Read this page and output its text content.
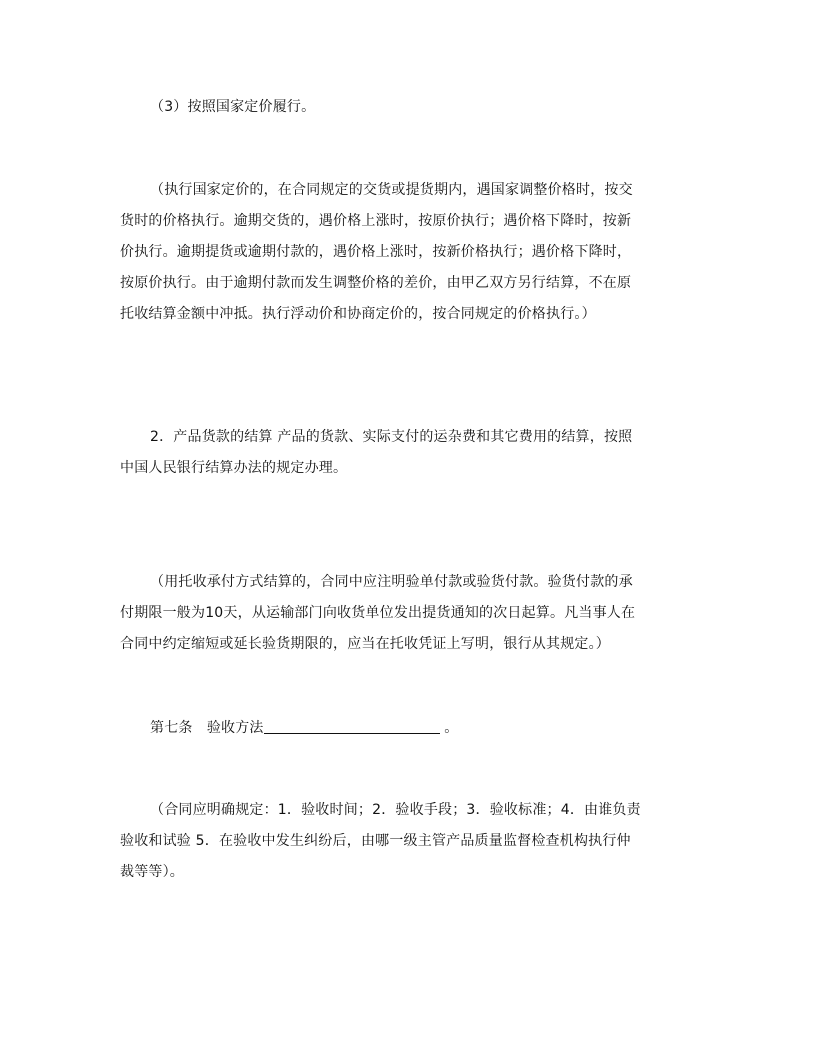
（3）按照国家定价履行。
（执行国家定价的，在合同规定的交货或提货期内，遇国家调整价格时，按交
货时的价格执行。逾期交货的，遇价格上涨时，按原价执行；遇价格下降时，按新
价执行。逾期提货或逾期付款的，遇价格上涨时，按新价格执行；遇价格下降时，
按原价执行。由于逾期付款而发生调整价格的差价，由甲乙双方另行结算，不在原
托收结算金额中冲抵。执行浮动价和协商定价的，按合同规定的价格执行。）
2．产品货款的结算 产品的货款、实际支付的运杂费和其它费用的结算，按照
中国人民银行结算办法的规定办理。
（用托收承付方式结算的，合同中应注明验单付款或验货付款。验货付款的承
付期限一般为10天，从运输部门向收货单位发出提货通知的次日起算。凡当事人在
合同中约定缩短或延长验货期限的，应当在托收凭证上写明，银行从其规定。）
第七条　 验收方法	。
（合同应明确规定：1．验收时间；2．验收手段；3．验收标准；4．由谁负责
验收和试验 5．在验收中发生纠纷后，由哪一级主管产品质量监督检查机构执行仲
裁等等）。
